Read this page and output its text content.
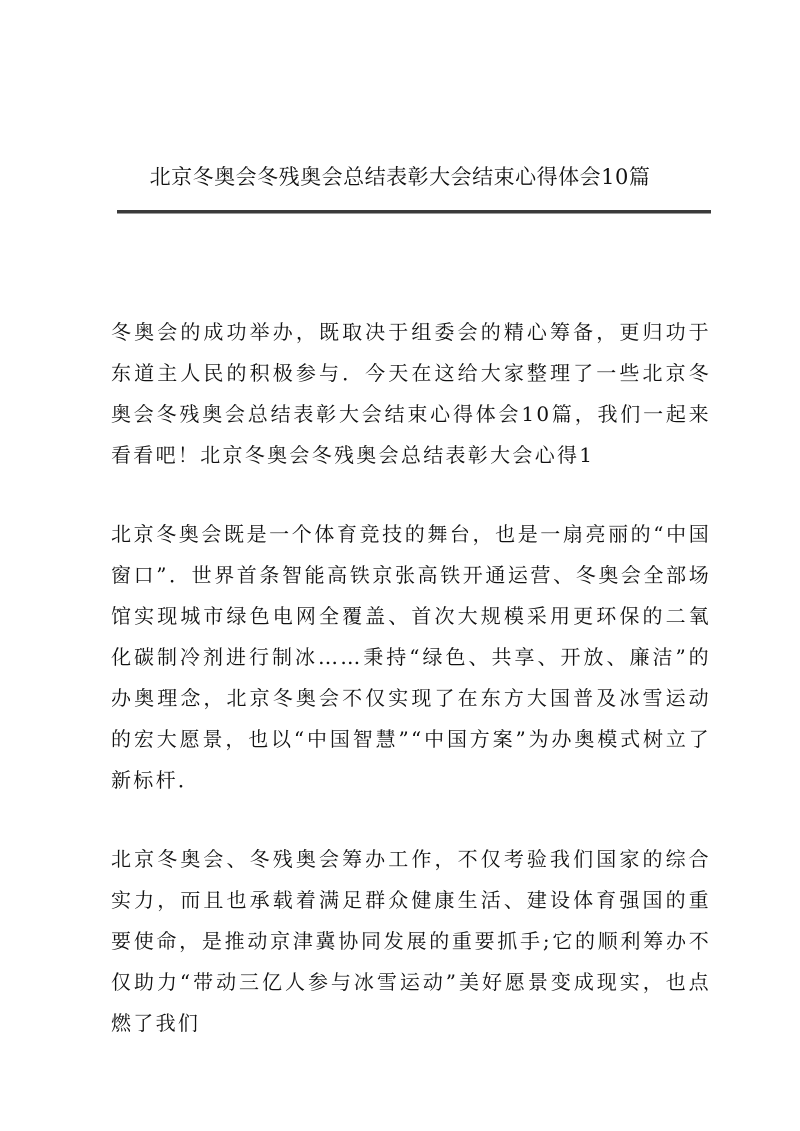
北京冬奥会冬残奥会总结表彰大会结束心得体会10篇

冬奥会的成功举办，既取决于组委会的精心筹备，更归功于东道主人民的积极参与．今天在这给大家整理了一些北京冬奥会冬残奥会总结表彰大会结束心得体会10篇，我们一起来看看吧！北京冬奥会冬残奥会总结表彰大会心得1

北京冬奥会既是一个体育竞技的舞台，也是一扇亮丽的“中国窗口”．世界首条智能高铁京张高铁开通运营、冬奥会全部场馆实现城市绿色电网全覆盖、首次大规模采用更环保的二氧化碳制冷剂进行制冰……秉持“绿色、共享、开放、廉洁”的办奥理念，北京冬奥会不仅实现了在东方大国普及冰雪运动的宏大愿景，也以“中国智慧”“中国方案”为办奥模式树立了新标杆．

北京冬奥会、冬残奥会筹办工作，不仅考验我们国家的综合实力，而且也承载着满足群众健康生活、建设体育强国的重要使命，是推动京津冀协同发展的重要抓手;它的顺利筹办不仅助力“带动三亿人参与冰雪运动”美好愿景变成现实，也点燃了我们
